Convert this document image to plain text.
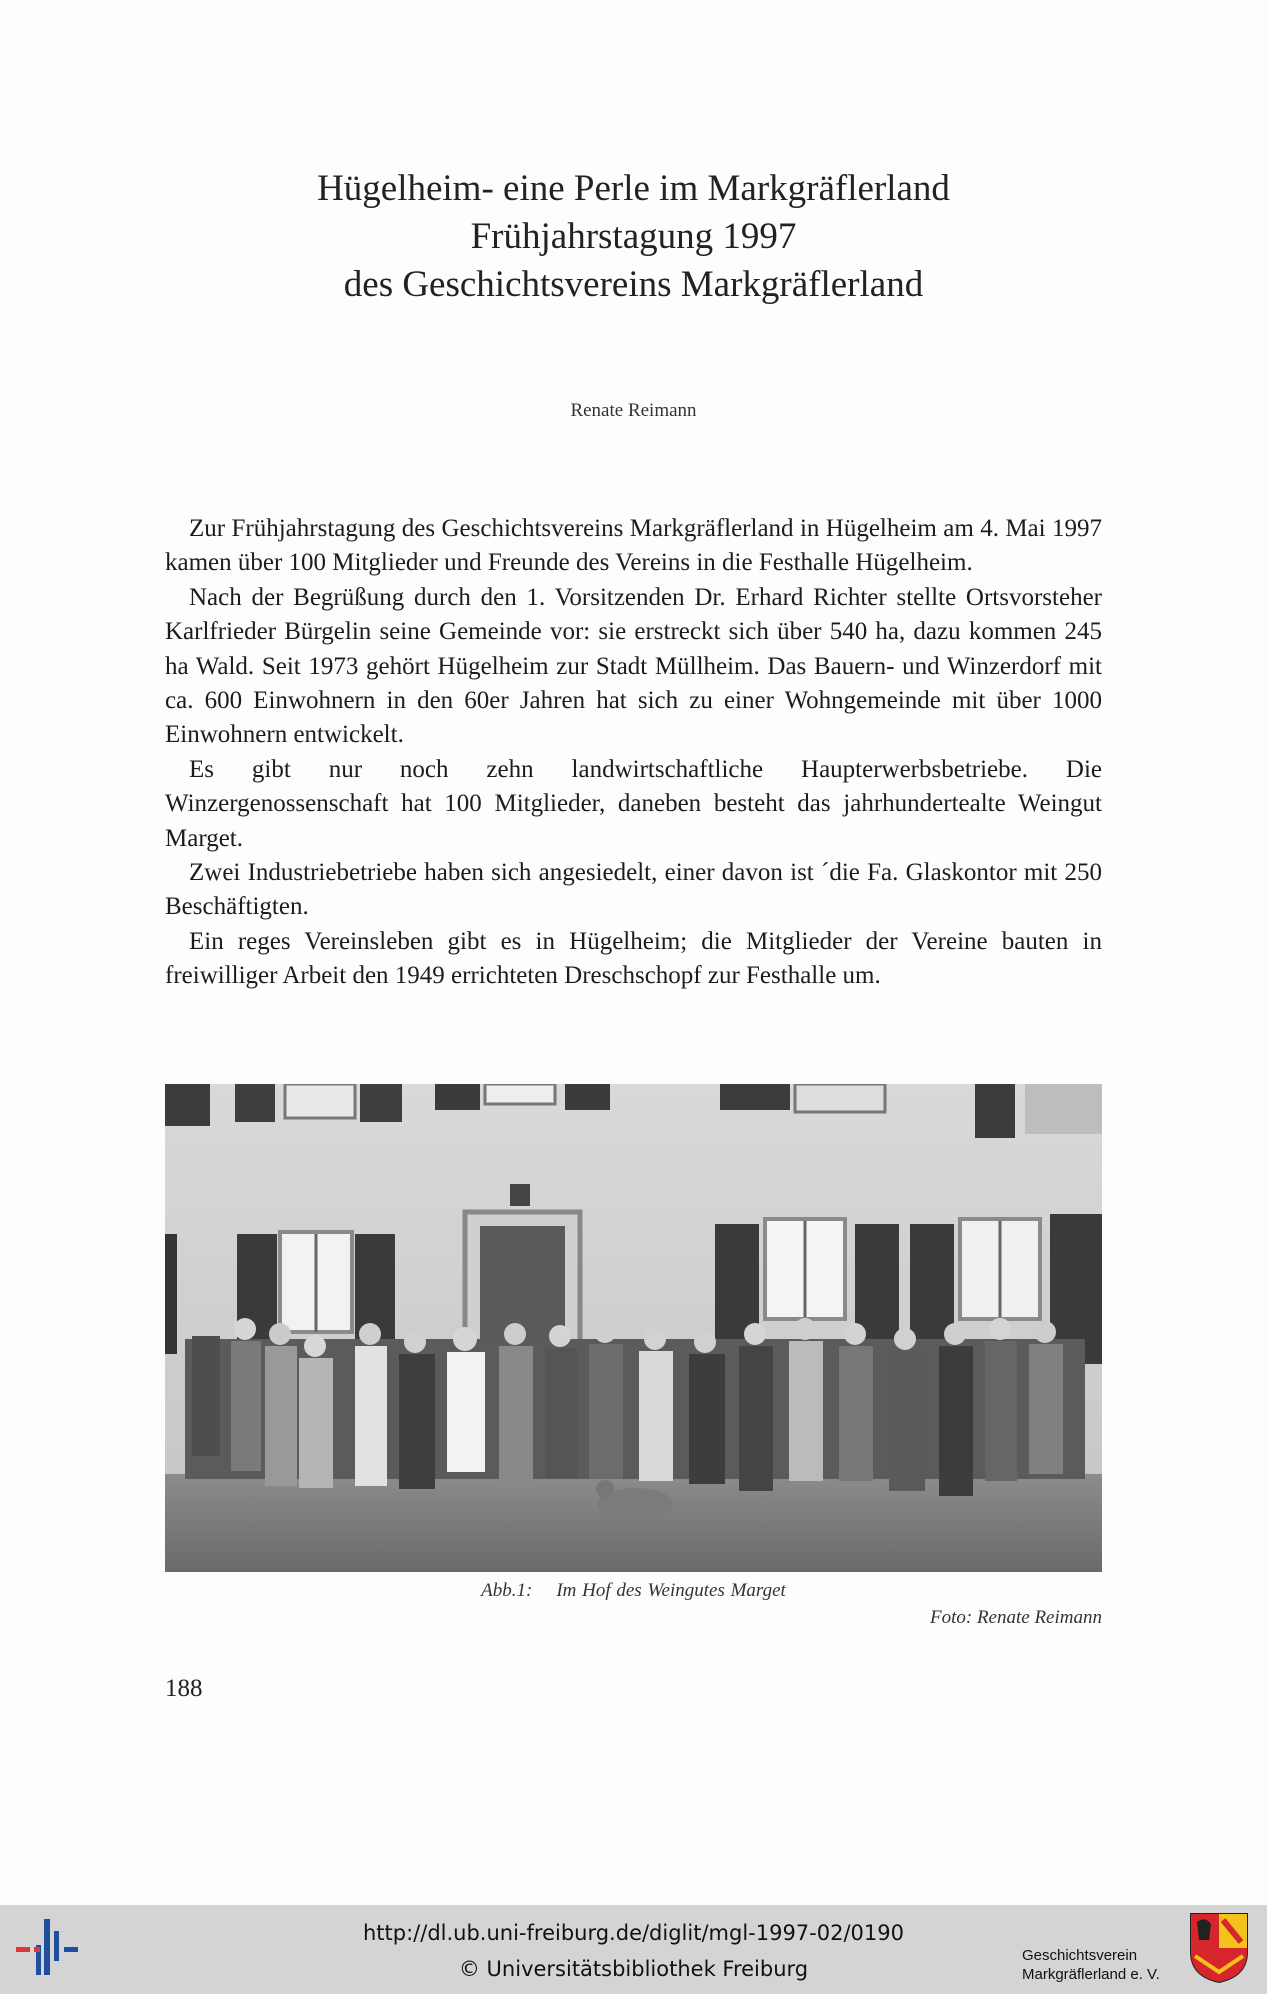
Hügelheim- eine Perle im Markgräflerland
Frühjahrstagung 1997
des Geschichtsvereins Markgräflerland
Renate Reimann

Zur Frühjahrstagung des Geschichtsvereins Markgräflerland in Hügelheim am 4. Mai 1997 kamen über 100 Mitglieder und Freunde des Vereins in die Festhalle Hügelheim.

Nach der Begrüßung durch den 1. Vorsitzenden Dr. Erhard Richter stellte Ortsvorsteher Karlfrieder Bürgelin seine Gemeinde vor: sie erstreckt sich über 540 ha, dazu kommen 245 ha Wald. Seit 1973 gehört Hügelheim zur Stadt Müllheim. Das Bauern- und Winzerdorf mit ca. 600 Einwohnern in den 60er Jahren hat sich zu einer Wohngemeinde mit über 1000 Einwohnern entwickelt.

Es gibt nur noch zehn landwirtschaftliche Haupterwerbsbetriebe. Die Winzergenossenschaft hat 100 Mitglieder, daneben besteht das jahrhundertealte Weingut Marget.

Zwei Industriebetriebe haben sich angesiedelt, einer davon ist ´die Fa. Glaskontor mit 250 Beschäftigten.

Ein reges Vereinsleben gibt es in Hügelheim; die Mitglieder der Vereine bauten in freiwilliger Arbeit den 1949 errichteten Dreschschopf zur Festhalle um.

Abb.1: Im Hof des Weingutes Marget
Foto: Renate Reimann
188
http://dl.ub.uni-freiburg.de/diglit/mgl-1997-02/0190
© Universitätsbibliothek Freiburg
Geschichtsverein
Markgräflerland e. V.
